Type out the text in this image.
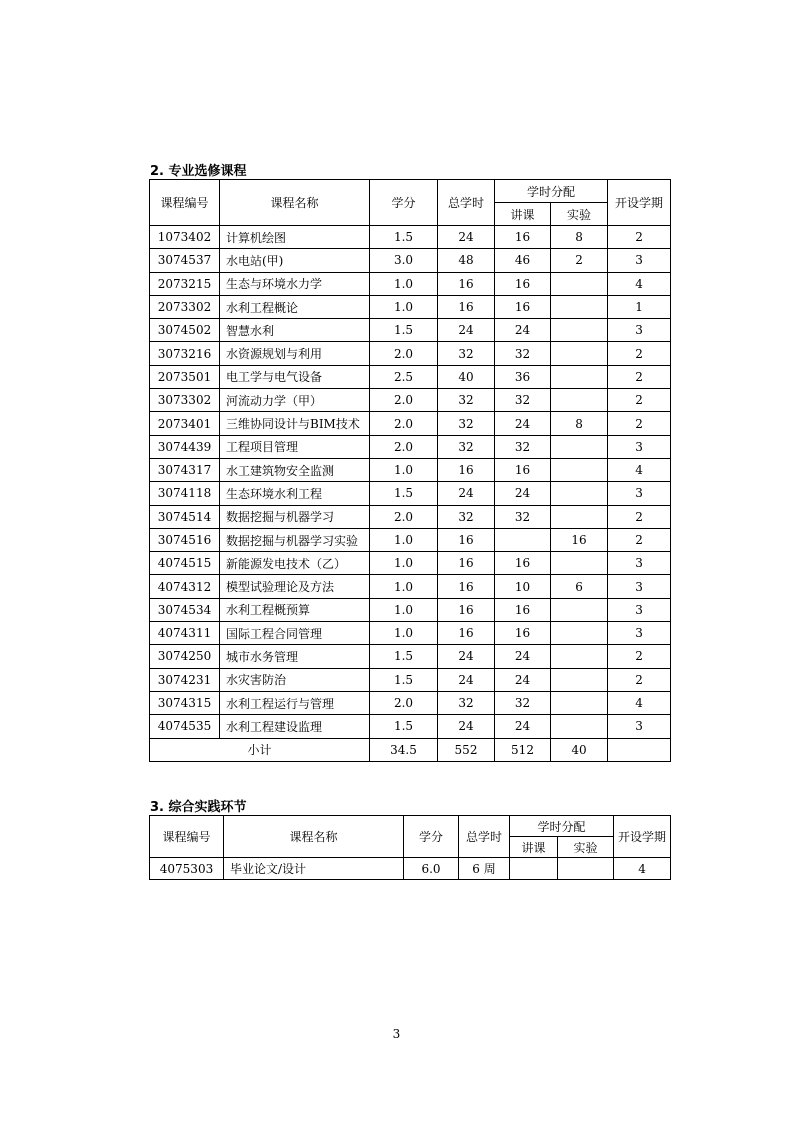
2. 专业选修课程
课程编号	课程名称	学分	总学时	学时分配		开设学期
				讲课	实验	
1073402	计算机绘图	1.5	24	16	8	2
3074537	水电站(甲)	3.0	48	46	2	3
2073215	生态与环境水力学	1.0	16	16		4
2073302	水利工程概论	1.0	16	16		1
3074502	智慧水利	1.5	24	24		3
3073216	水资源规划与利用	2.0	32	32		2
2073501	电工学与电气设备	2.5	40	36		2
3073302	河流动力学（甲）	2.0	32	32		2
2073401	三维协同设计与BIM技术	2.0	32	24	8	2
3074439	工程项目管理	2.0	32	32		3
3074317	水工建筑物安全监测	1.0	16	16		4
3074118	生态环境水利工程	1.5	24	24		3
3074514	数据挖掘与机器学习	2.0	32	32		2
3074516	数据挖掘与机器学习实验	1.0	16		16	2
4074515	新能源发电技术（乙）	1.0	16	16		3
4074312	模型试验理论及方法	1.0	16	10	6	3
3074534	水利工程概预算	1.0	16	16		3
4074311	国际工程合同管理	1.0	16	16		3
3074250	城市水务管理	1.5	24	24		2
3074231	水灾害防治	1.5	24	24		2
3074315	水利工程运行与管理	2.0	32	32		4
4074535	水利工程建设监理	1.5	24	24		3
小计		34.5	552	512	40	
3. 综合实践环节
课程编号	课程名称	学分	总学时	学时分配		开设学期
				讲课	实验	
4075303	毕业论文/设计	6.0	6 周			4
3
